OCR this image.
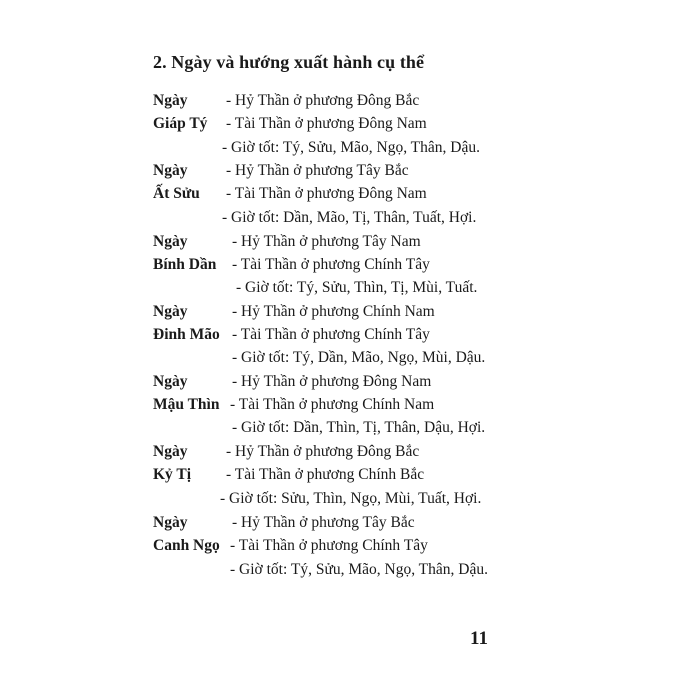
2. Ngày và hướng xuất hành cụ thể
Ngày - Hỷ Thần ở phương Đông Bắc
Giáp Tý - Tài Thần ở phương Đông Nam
- Giờ tốt: Tý, Sửu, Mão, Ngọ, Thân, Dậu.
Ngày - Hỷ Thần ở phương Tây Bắc
Ất Sửu - Tài Thần ở phương Đông Nam
- Giờ tốt: Dần, Mão, Tị, Thân, Tuất, Hợi.
Ngày	- Hỷ Thần ở phương Tây Nam
Bính Dần - Tài Thần ở phương Chính Tây
- Giờ tốt: Tý, Sửu, Thìn, Tị, Mùi, Tuất.
Ngày	- Hỷ Thần ở phương Chính Nam
Đinh Mão - Tài Thần ở phương Chính Tây
- Giờ tốt: Tý, Dần, Mão, Ngọ, Mùi, Dậu.
Ngày	- Hỷ Thần ở phương Đông Nam
Mậu Thìn - Tài Thần ở phương Chính Nam
- Giờ tốt: Dần, Thìn, Tị, Thân, Dậu, Hợi.
Ngày - Hỷ Thần ở phương Đông Bắc
Kỷ Tị - Tài Thần ở phương Chính Bắc
- Giờ tốt: Sửu, Thìn, Ngọ, Mùi, Tuất, Hợi.
Ngày	- Hỷ Thần ở phương Tây Bắc
Canh Ngọ - Tài Thần ở phương Chính Tây
- Giờ tốt: Tý, Sửu, Mão, Ngọ, Thân, Dậu.
11
